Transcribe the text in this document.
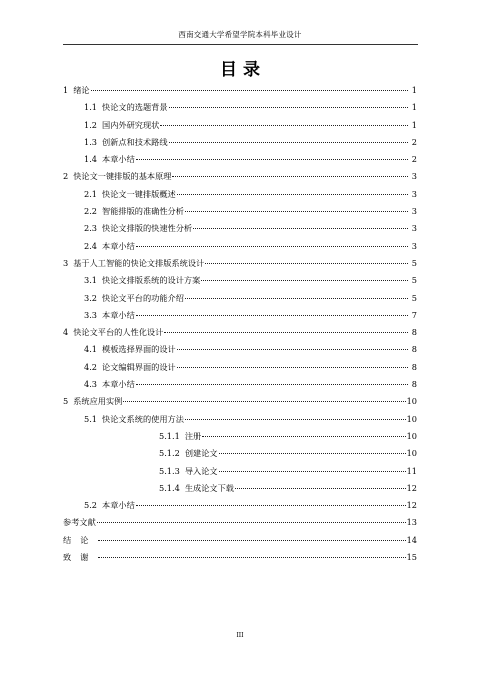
西南交通大学希望学院本科毕业设计
目 录
1 绪论	1
1.1 快论文的选题背景	1
1.2 国内外研究现状	1
1.3 创新点和技术路线	2
1.4 本章小结	2
2 快论文一键排版的基本原理	3
2.1 快论文一键排版概述	3
2.2 智能排版的准确性分析	3
2.3 快论文排版的快速性分析	3
2.4 本章小结	3
3 基于人工智能的快论文排版系统设计	5
3.1 快论文排版系统的设计方案	5
3.2 快论文平台的功能介绍	5
3.3 本章小结	7
4 快论文平台的人性化设计	8
4.1 模板选择界面的设计	8
4.2 论文编辑界面的设计	8
4.3 本章小结	8
5 系统应用实例	10
5.1 快论文系统的使用方法	10
5.1.1 注册	10
5.1.2 创建论文	10
5.1.3 导入论文	11
5.1.4 生成论文下载	12
5.2 本章小结	12
参考文献	13
结论	14
致谢	15
III
